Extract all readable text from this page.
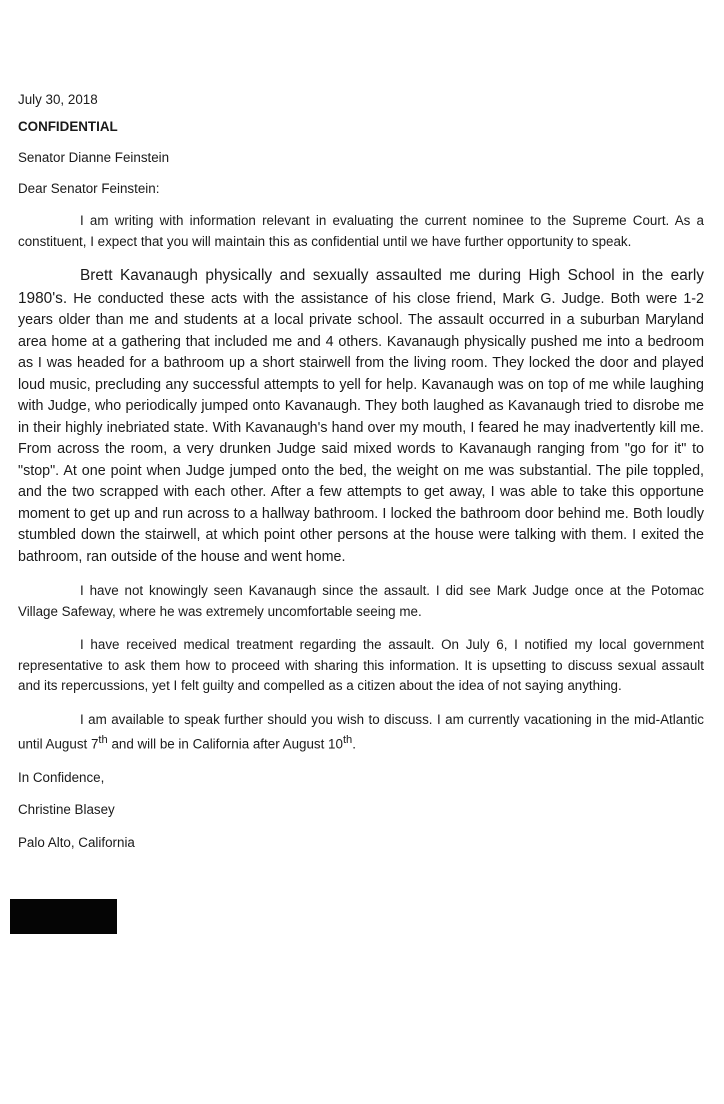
July 30, 2018
CONFIDENTIAL
Senator Dianne Feinstein
Dear Senator Feinstein:

I am writing with information relevant in evaluating the current nominee to the Supreme Court. As a constituent, I expect that you will maintain this as confidential until we have further opportunity to speak.

Brett Kavanaugh physically and sexually assaulted me during High School in the early 1980's. He conducted these acts with the assistance of his close friend, Mark G. Judge. Both were 1-2 years older than me and students at a local private school. The assault occurred in a suburban Maryland area home at a gathering that included me and 4 others. Kavanaugh physically pushed me into a bedroom as I was headed for a bathroom up a short stairwell from the living room. They locked the door and played loud music, precluding any successful attempts to yell for help. Kavanaugh was on top of me while laughing with Judge, who periodically jumped onto Kavanaugh. They both laughed as Kavanaugh tried to disrobe me in their highly inebriated state. With Kavanaugh's hand over my mouth, I feared he may inadvertently kill me. From across the room, a very drunken Judge said mixed words to Kavanaugh ranging from "go for it" to "stop". At one point when Judge jumped onto the bed, the weight on me was substantial. The pile toppled, and the two scrapped with each other. After a few attempts to get away, I was able to take this opportune moment to get up and run across to a hallway bathroom. I locked the bathroom door behind me. Both loudly stumbled down the stairwell, at which point other persons at the house were talking with them. I exited the bathroom, ran outside of the house and went home.

I have not knowingly seen Kavanaugh since the assault. I did see Mark Judge once at the Potomac Village Safeway, where he was extremely uncomfortable seeing me.

I have received medical treatment regarding the assault. On July 6, I notified my local government representative to ask them how to proceed with sharing this information. It is upsetting to discuss sexual assault and its repercussions, yet I felt guilty and compelled as a citizen about the idea of not saying anything.

I am available to speak further should you wish to discuss. I am currently vacationing in the mid-Atlantic until August 7th and will be in California after August 10th.

In Confidence,
Christine Blasey
Palo Alto, California
